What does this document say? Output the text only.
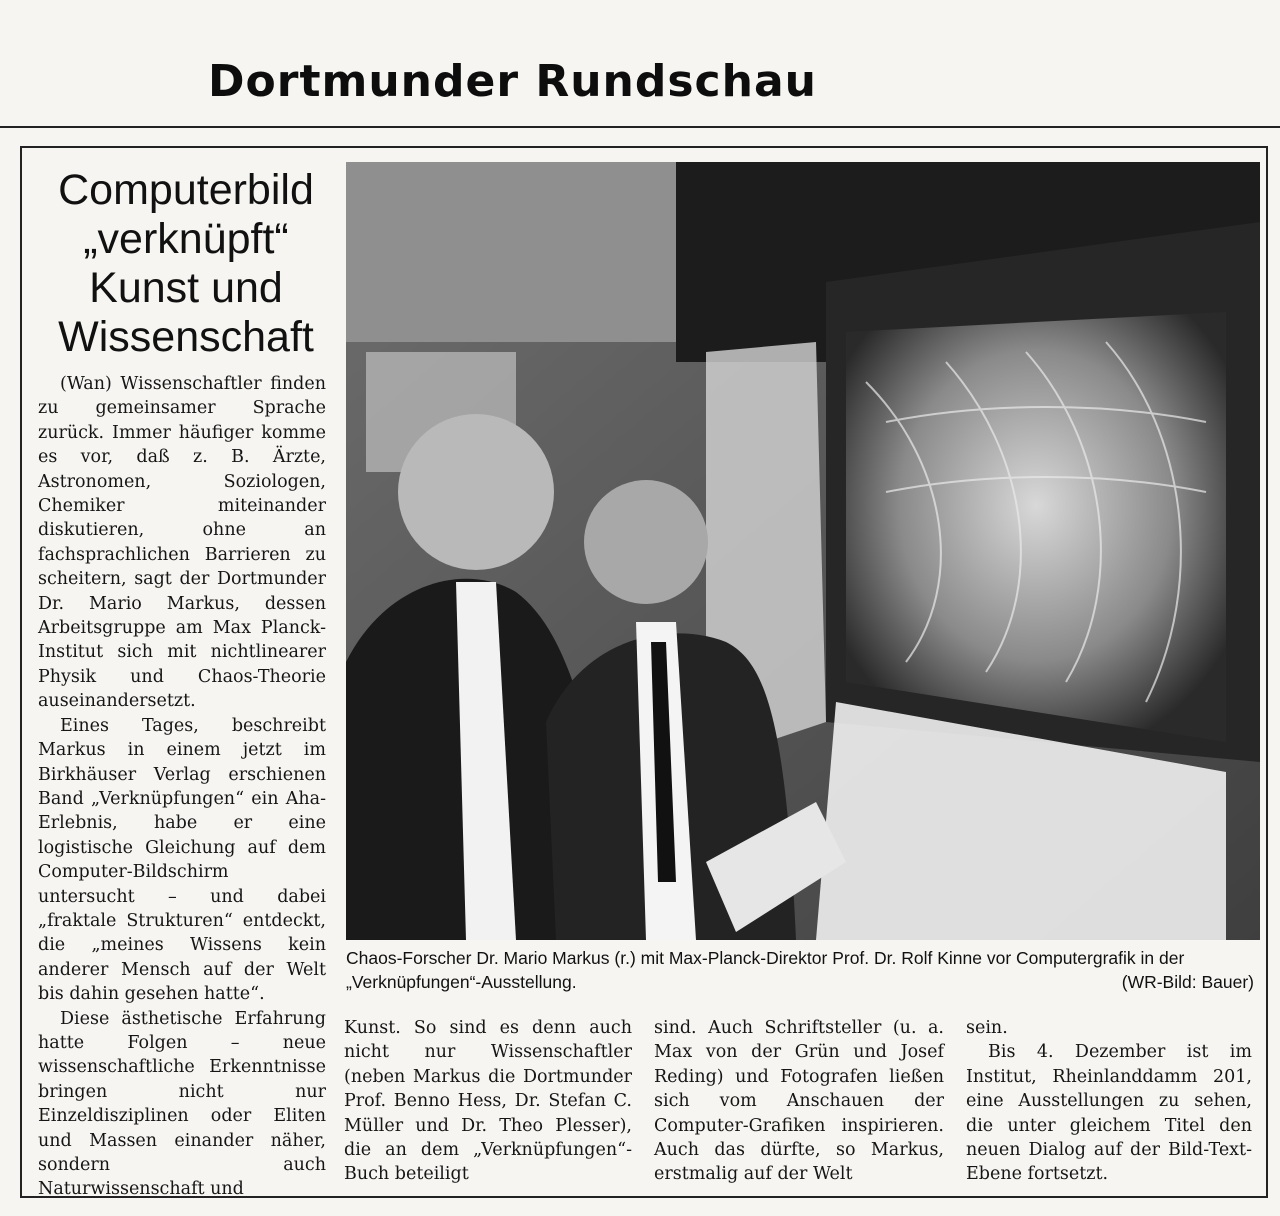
Dortmunder Rundschau
Computerbild
„verknüpft“
Kunst und
Wissenschaft

(Wan) Wissenschaftler finden zu gemeinsamer Sprache zurück. Immer häufiger komme es vor, daß z. B. Ärzte, Astronomen, Soziologen, Chemiker miteinander diskutieren, ohne an fachsprachlichen Barrieren zu scheitern, sagt der Dortmunder Dr. Mario Markus, dessen Arbeitsgruppe am Max Planck-Institut sich mit nichtlinearer Physik und Chaos-Theorie auseinandersetzt.

Eines Tages, beschreibt Markus in einem jetzt im Birkhäuser Verlag erschienen Band „Verknüpfungen“ ein Aha-Erlebnis, habe er eine logistische Gleichung auf dem Computer-Bildschirm untersucht – und dabei „fraktale Strukturen“ entdeckt, die „meines Wissens kein anderer Mensch auf der Welt bis dahin gesehen hatte“.

Diese ästhetische Erfahrung hatte Folgen – neue wissenschaftliche Erkenntnisse bringen nicht nur Einzeldisziplinen oder Eliten und Massen einander näher, sondern auch Naturwissenschaft und

Chaos-Forscher Dr. Mario Markus (r.) mit Max-Planck-Direktor Prof. Dr. Rolf Kinne vor Computergrafik in der „Verknüpfungen“-Ausstellung.	(WR-Bild: Bauer)

Kunst. So sind es denn auch nicht nur Wissenschaftler (neben Markus die Dortmunder Prof. Benno Hess, Dr. Stefan C. Müller und Dr. Theo Plesser), die an dem „Verknüpfungen“-Buch beteiligt

sind. Auch Schriftsteller (u. a. Max von der Grün und Josef Reding) und Fotografen ließen sich vom Anschauen der Computer-Grafiken inspirieren. Auch das dürfte, so Markus, erstmalig auf der Welt

sein.

Bis 4. Dezember ist im Institut, Rheinlanddamm 201, eine Ausstellungen zu sehen, die unter gleichem Titel den neuen Dialog auf der Bild-Text-Ebene fortsetzt.
